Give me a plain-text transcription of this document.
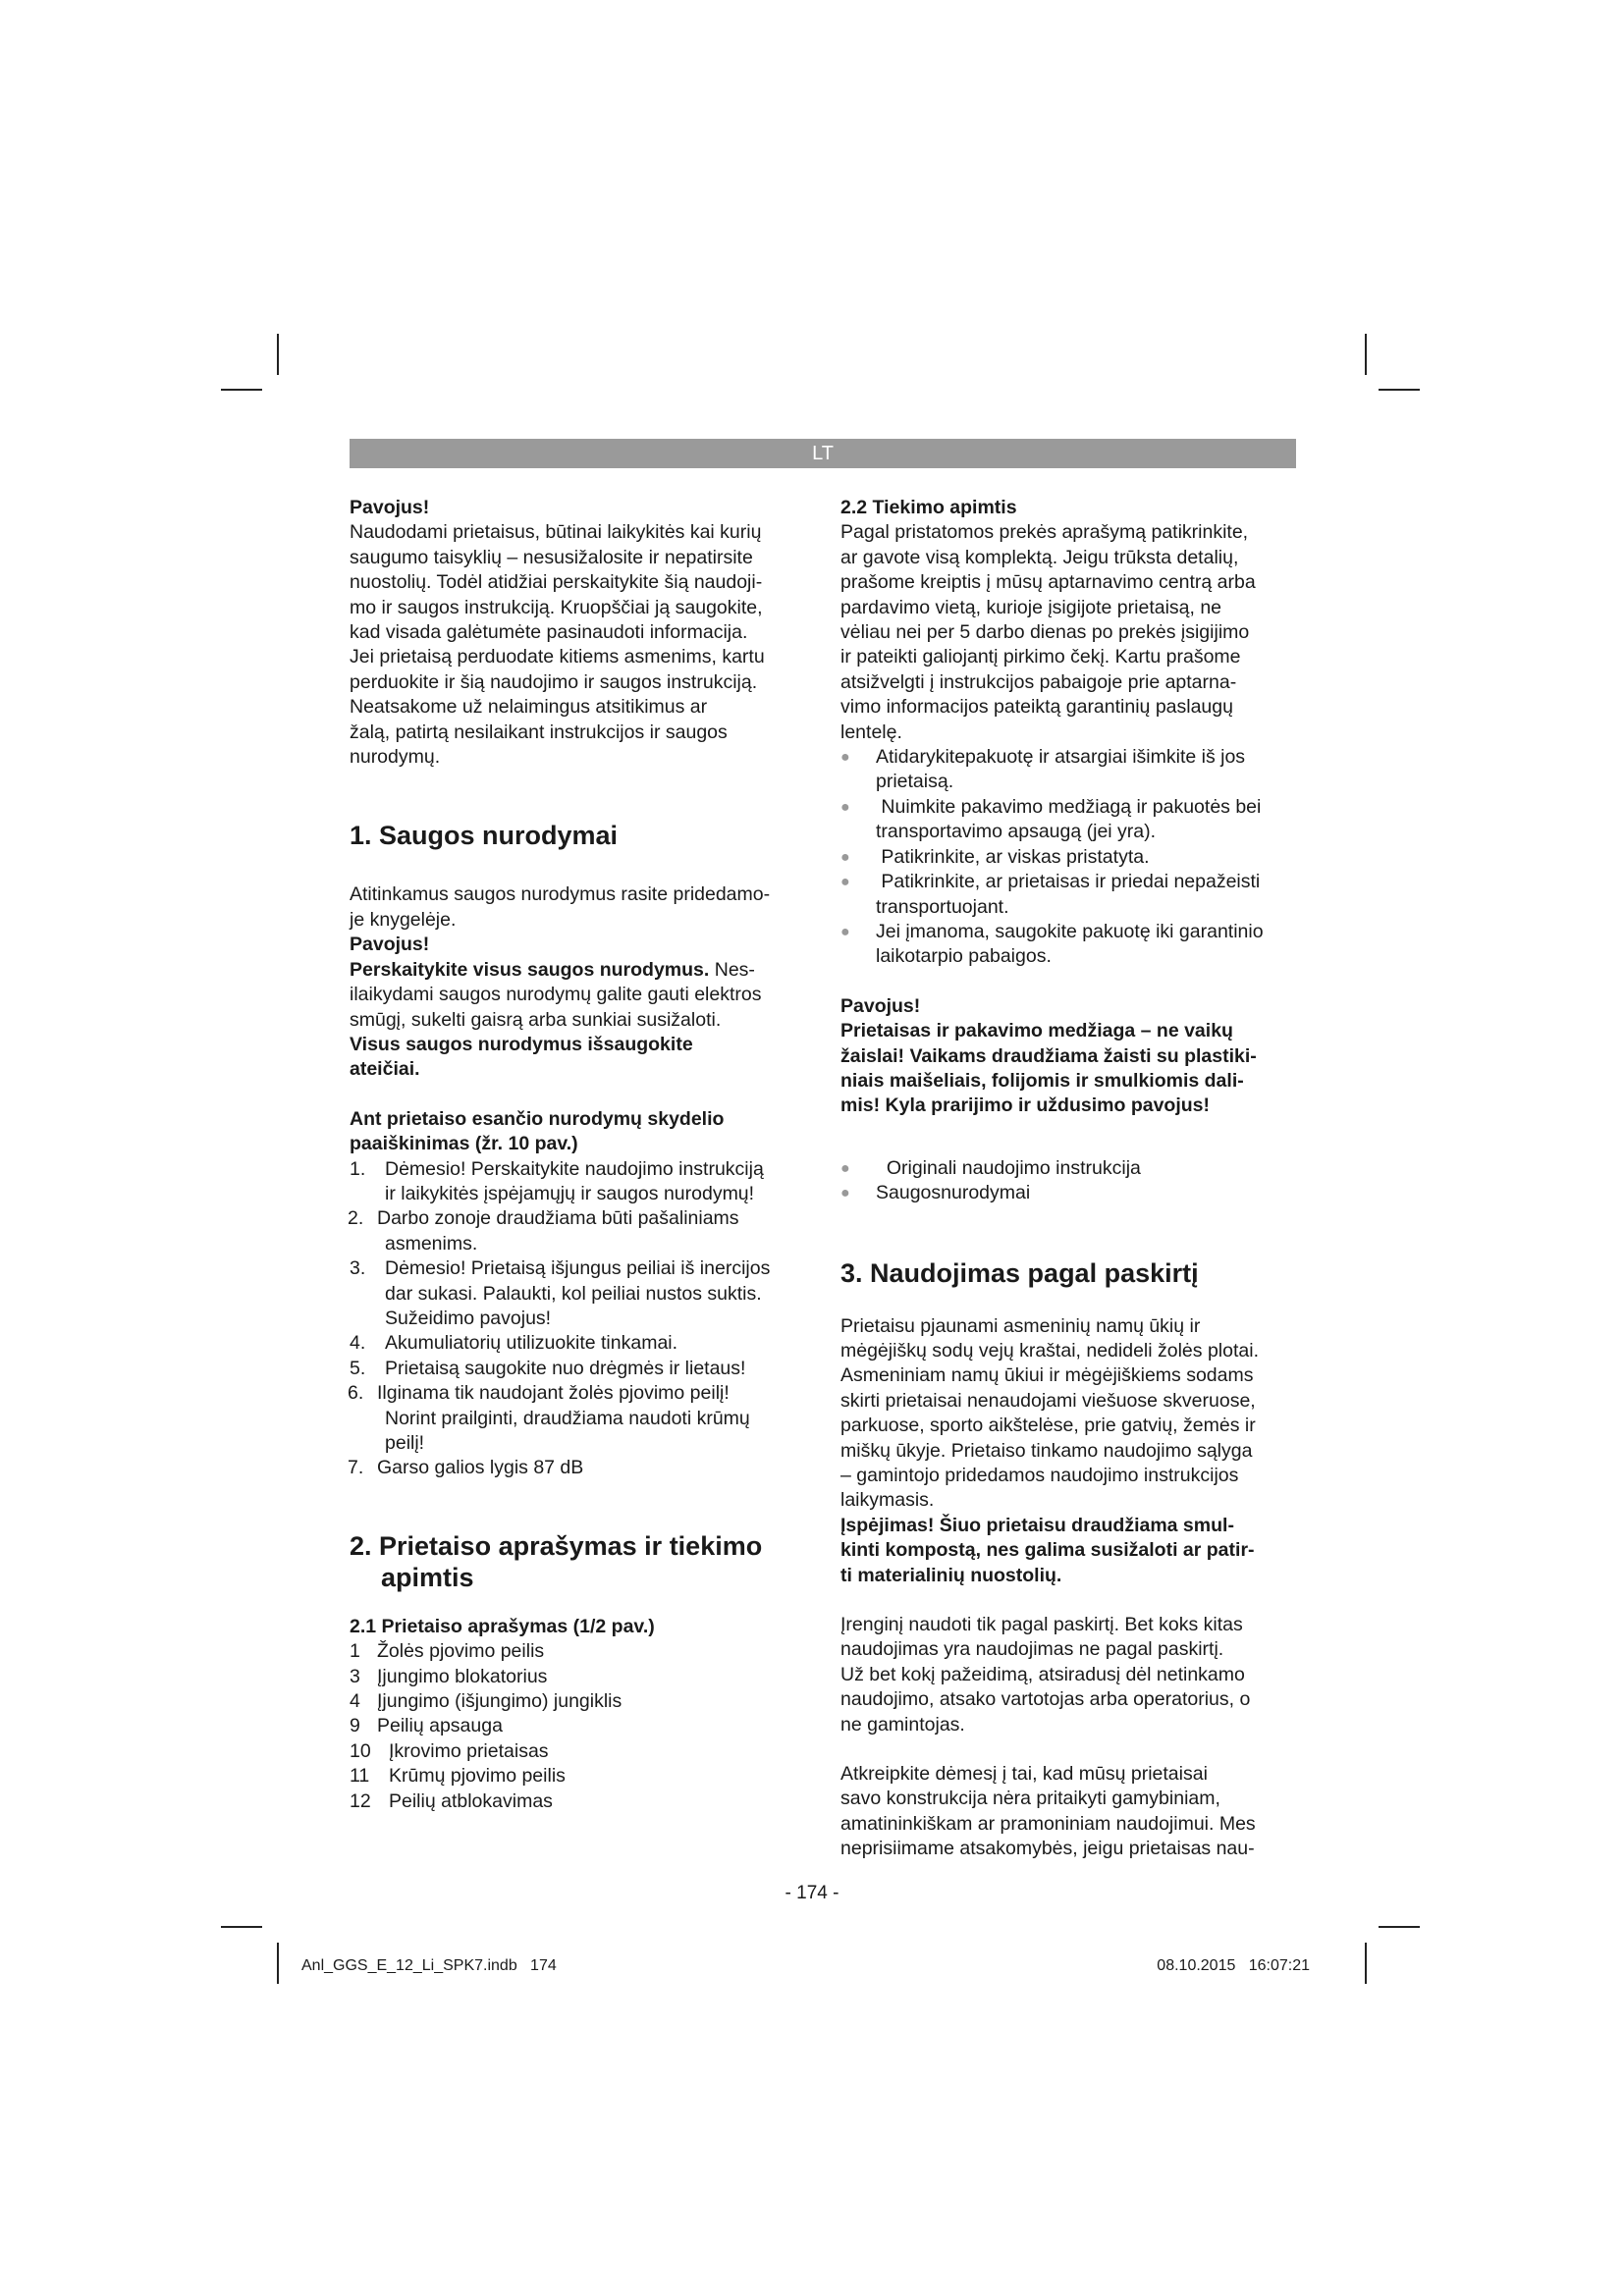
LT

Pavojus!

Naudodami prietaisus, būtinai laikykitės kai kurių

saugumo taisyklių – nesusižalosite ir nepatirsite

nuostolių. Todėl atidžiai perskaitykite šią naudoji-

mo ir saugos instrukciją. Kruopščiai ją saugokite,

kad visada galėtumėte pasinaudoti informacija.

Jei prietaisą perduodate kitiems asmenims, kartu

perduokite ir šią naudojimo ir saugos instrukciją.

Neatsakome už nelaimingus atsitikimus ar

žalą, patirtą nesilaikant instrukcijos ir saugos

nurodymų.

1. Saugos nurodymai

Atitinkamus saugos nurodymus rasite pridedamo-

je knygelėje.

Pavojus!

Perskaitykite visus saugos nurodymus. Nes-

ilaikydami saugos nurodymų galite gauti elektros

smūgį, sukelti gaisrą arba sunkiai susižaloti.

Visus saugos nurodymus išsaugokite

ateičiai.

Ant prietaiso esančio nurodymų skydelio

paaiškinimas (žr. 10 pav.)

1. Dėmesio! Perskaitykite naudojimo instrukciją

ir laikykitės įspėjamųjų ir saugos nurodymų!

2. Darbo zonoje draudžiama būti pašaliniams

asmenims.

3. Dėmesio! Prietaisą išjungus peiliai iš inercijos

dar sukasi. Palaukti, kol peiliai nustos suktis.

Sužeidimo pavojus!

4. Akumuliatorių utilizuokite tinkamai.

5. Prietaisą saugokite nuo drėgmės ir lietaus!

6. Ilginama tik naudojant žolės pjovimo peilį!

Norint prailginti, draudžiama naudoti krūmų

peilį!

7. Garso galios lygis 87 dB

2. Prietaiso aprašymas ir tiekimo

apimtis

2.1 Prietaiso aprašymas (1/2 pav.)

1 Žolės pjovimo peilis
3 Įjungimo blokatorius
4 Įjungimo (išjungimo) jungiklis
9 Peilių apsauga
10 Įkrovimo prietaisas
11 Krūmų pjovimo peilis
12 Peilių atblokavimas

2.2 Tiekimo apimtis

Pagal pristatomos prekės aprašymą patikrinkite,

ar gavote visą komplektą. Jeigu trūksta detalių,

prašome kreiptis į mūsų aptarnavimo centrą arba

pardavimo vietą, kurioje įsigijote prietaisą, ne

vėliau nei per 5 darbo dienas po prekės įsigijimo

ir pateikti galiojantį pirkimo čekį. Kartu prašome

atsižvelgti į instrukcijos pabaigoje prie aptarna-

vimo informacijos pateiktą garantinių paslaugų

lentelę.

● Atidarykitepakuotę ir atsargiai išimkite iš jos

prietaisą.

● Nuimkite pakavimo medžiagą ir pakuotės bei

transportavimo apsaugą (jei yra).

● Patikrinkite, ar viskas pristatyta.

● Patikrinkite, ar prietaisas ir priedai nepažeisti

transportuojant.

● Jei įmanoma, saugokite pakuotę iki garantinio

laikotarpio pabaigos.

Pavojus!

Prietaisas ir pakavimo medžiaga – ne vaikų

žaislai! Vaikams draudžiama žaisti su plastiki-

niais maišeliais, folijomis ir smulkiomis dali-

mis! Kyla prarijimo ir uždusimo pavojus!

● Originali naudojimo instrukcija

● Saugosnurodymai

3. Naudojimas pagal paskirtį

Prietaisu pjaunami asmeninių namų ūkių ir

mėgėjiškų sodų vejų kraštai, nedideli žolės plotai.

Asmeniniam namų ūkiui ir mėgėjiškiems sodams

skirti prietaisai nenaudojami viešuose skveruose,

parkuose, sporto aikštelėse, prie gatvių, žemės ir

miškų ūkyje. Prietaiso tinkamo naudojimo sąlyga

– gamintojo pridedamos naudojimo instrukcijos

laikymasis.

Įspėjimas! Šiuo prietaisu draudžiama smul-

kinti kompostą, nes galima susižaloti ar patir-

ti materialinių nuostolių.

Įrenginį naudoti tik pagal paskirtį. Bet koks kitas

naudojimas yra naudojimas ne pagal paskirtį.

Už bet kokį pažeidimą, atsiradusį dėl netinkamo

naudojimo, atsako vartotojas arba operatorius, o

ne gamintojas.

Atkreipkite dėmesį į tai, kad mūsų prietaisai

savo konstrukcija nėra pritaikyti gamybiniam,

amatininkiškam ar pramoniniam naudojimui. Mes

neprisiimame atsakomybės, jeigu prietaisas nau-

- 174 -
Anl_GGS_E_12_Li_SPK7.indb   174	08.10.2015   16:07:21
